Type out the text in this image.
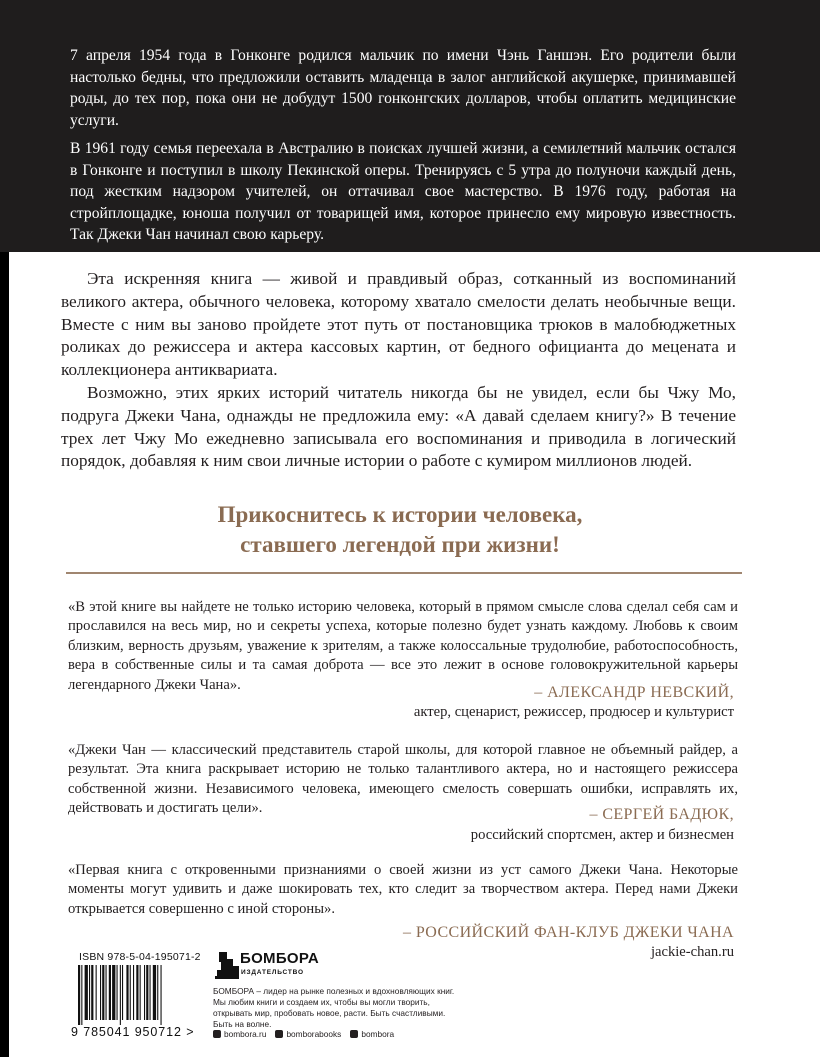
7 апреля 1954 года в Гонконге родился мальчик по имени Чэнь Ганшэн. Его родители были настолько бедны, что предложили оставить младенца в залог английской акушерке, принимавшей роды, до тех пор, пока они не добудут 1500 гонконгских долларов, чтобы оплатить медицинские услуги.

В 1961 году семья переехала в Австралию в поисках лучшей жизни, а семилетний мальчик остался в Гонконге и поступил в школу Пекинской оперы. Тренируясь с 5 утра до полуночи каждый день, под жестким надзором учителей, он оттачивал свое мастерство. В 1976 году, работая на стройплощадке, юноша получил от товарищей имя, которое принесло ему мировую известность. Так Джеки Чан начинал свою карьеру.

Эта искренняя книга — живой и правдивый образ, сотканный из воспоминаний великого актера, обычного человека, которому хватало смелости делать необычные вещи. Вместе с ним вы заново пройдете этот путь от постановщика трюков в малобюджетных роликах до режиссера и актера кассовых картин, от бедного официанта до мецената и коллекционера антиквариата.

Возможно, этих ярких историй читатель никогда бы не увидел, если бы Чжу Мо, подруга Джеки Чана, однажды не предложила ему: «А давай сделаем книгу?» В течение трех лет Чжу Мо ежедневно записывала его воспоминания и приводила в логический порядок, добавляя к ним свои личные истории о работе с кумиром миллионов людей.

Прикоснитесь к истории человека,
ставшего легендой при жизни!

«В этой книге вы найдете не только историю человека, который в прямом смысле слова сделал себя сам и прославился на весь мир, но и секреты успеха, которые полезно будет узнать каждому. Любовь к своим близким, верность друзьям, уважение к зрителям, а также колоссальные трудолюбие, работоспособность, вера в собственные силы и та самая доброта — все это лежит в основе головокружительной карьеры легендарного Джеки Чана».	– АЛЕКСАНДР НЕВСКИЙ,

актер, сценарист, режиссер, продюсер и культурист

«Джеки Чан — классический представитель старой школы, для которой главное не объемный райдер, а результат. Эта книга раскрывает историю не только талантливого актера, но и настоящего режиссера собственной жизни. Независимого человека, имеющего смелость совершать ошибки, исправлять их, действовать и достигать цели».	– СЕРГЕЙ БАДЮК,

российский спортсмен, актер и бизнесмен

«Первая книга с откровенными признаниями о своей жизни из уст самого Джеки Чана. Некоторые моменты могут удивить и даже шокировать тех, кто следит за творчеством актера. Перед нами Джеки открывается совершенно с иной стороны».

– РОССИЙСКИЙ ФАН-КЛУБ ДЖЕКИ ЧАНА

jackie-chan.ru

ISBN 978-5-04-195071-2
9 785041 950712 >
БОМБОРА
ИЗДАТЕЛЬСТВО

БОМБОРА – лидер на рынке полезных и вдохновляющих книг. Мы любим книги и создаем их, чтобы вы могли творить, открывать мир, пробовать новое, расти. Быть счастливыми. Быть на волне.

bombora.ru bomborabooks bombora
